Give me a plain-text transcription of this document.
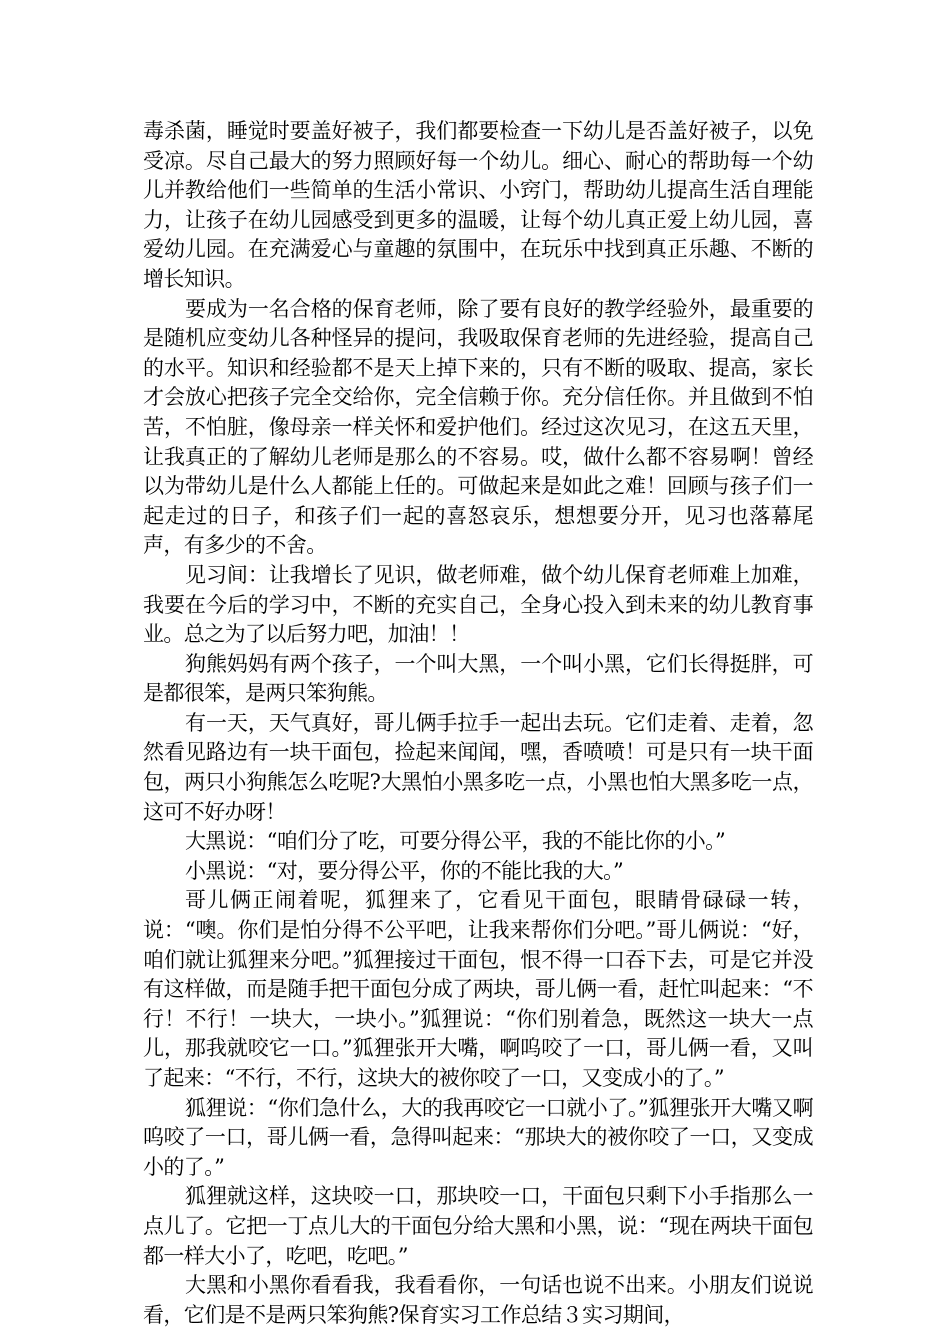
毒杀菌，睡觉时要盖好被子，我们都要检查一下幼儿是否盖好被子，以免受凉。尽自己最大的努力照顾好每一个幼儿。细心、耐心的帮助每一个幼儿并教给他们一些简单的生活小常识、小窍门，帮助幼儿提高生活自理能力，让孩子在幼儿园感受到更多的温暖，让每个幼儿真正爱上幼儿园，喜爱幼儿园。在充满爱心与童趣的氛围中，在玩乐中找到真正乐趣、不断的增长知识。

要成为一名合格的保育老师，除了要有良好的教学经验外，最重要的是随机应变幼儿各种怪异的提问，我吸取保育老师的先进经验，提高自己的水平。知识和经验都不是天上掉下来的，只有不断的吸取、提高，家长才会放心把孩子完全交给你，完全信赖于你。充分信任你。并且做到不怕苦，不怕脏，像母亲一样关怀和爱护他们。经过这次见习，在这五天里，让我真正的了解幼儿老师是那么的不容易。哎，做什么都不容易啊！曾经以为带幼儿是什么人都能上任的。可做起来是如此之难！回顾与孩子们一起走过的日子，和孩子们一起的喜怒哀乐，想想要分开，见习也落幕尾声，有多少的不舍。

见习间：让我增长了见识，做老师难，做个幼儿保育老师难上加难，我要在今后的学习中，不断的充实自己，全身心投入到未来的幼儿教育事业。总之为了以后努力吧，加油！！

狗熊妈妈有两个孩子，一个叫大黑，一个叫小黑，它们长得挺胖，可是都很笨，是两只笨狗熊。

有一天，天气真好，哥儿俩手拉手一起出去玩。它们走着、走着，忽然看见路边有一块干面包，捡起来闻闻，嘿，香喷喷！可是只有一块干面包，两只小狗熊怎么吃呢?大黑怕小黑多吃一点，小黑也怕大黑多吃一点，这可不好办呀！

大黑说：“咱们分了吃，可要分得公平，我的不能比你的小。”

小黑说：“对，要分得公平，你的不能比我的大。”

哥儿俩正闹着呢，狐狸来了，它看见干面包，眼睛骨碌碌一转，说：“噢。你们是怕分得不公平吧，让我来帮你们分吧。”哥儿俩说：“好，咱们就让狐狸来分吧。”狐狸接过干面包，恨不得一口吞下去，可是它并没有这样做，而是随手把干面包分成了两块，哥儿俩一看，赶忙叫起来：“不行！不行！一块大，一块小。”狐狸说：“你们别着急，既然这一块大一点儿，那我就咬它一口。”狐狸张开大嘴，啊呜咬了一口，哥儿俩一看，又叫了起来：“不行，不行，这块大的被你咬了一口，又变成小的了。”

狐狸说：“你们急什么，大的我再咬它一口就小了。”狐狸张开大嘴又啊呜咬了一口，哥儿俩一看，急得叫起来：“那块大的被你咬了一口，又变成小的了。”

狐狸就这样，这块咬一口，那块咬一口，干面包只剩下小手指那么一点儿了。它把一丁点儿大的干面包分给大黑和小黑，说：“现在两块干面包都一样大小了，吃吧，吃吧。”

大黑和小黑你看看我，我看看你，一句话也说不出来。小朋友们说说看，它们是不是两只笨狗熊?保育实习工作总结３实习期间，
